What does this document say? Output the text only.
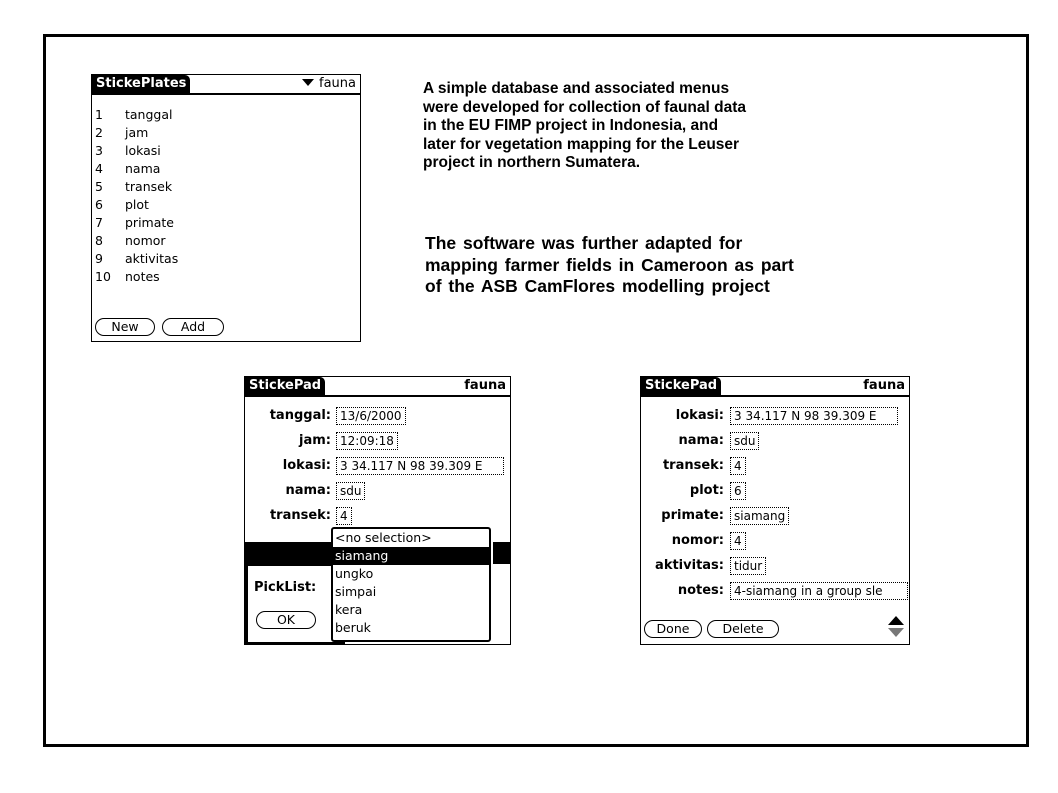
A simple database and associated menus
were developed for collection of faunal data
in the EU FIMP project in Indonesia, and
later for vegetation mapping for the Leuser
project in northern Sumatera.
The software was further adapted for
mapping farmer fields in Cameroon as part
of the ASB CamFlores modelling project
StickePlates	fauna
1 tanggal
2 jam
3 lokasi
4 nama
5 transek
6 plot
7 primate
8 nomor
9 aktivitas
10 notes
New	Add
StickePad	fauna
tanggal: 13/6/2000
jam: 12:09:18
lokasi: 3 34.117 N 98 39.309 E
nama: sdu
transek: 4
PickList:
OK
<no selection>
siamang
ungko
simpai
kera
beruk
StickePad	fauna
lokasi: 3 34.117 N 98 39.309 E
nama: sdu
transek: 4
plot: 6
primate: siamang
nomor: 4
aktivitas: tidur
notes: 4-siamang in a group sle
Done	Delete
